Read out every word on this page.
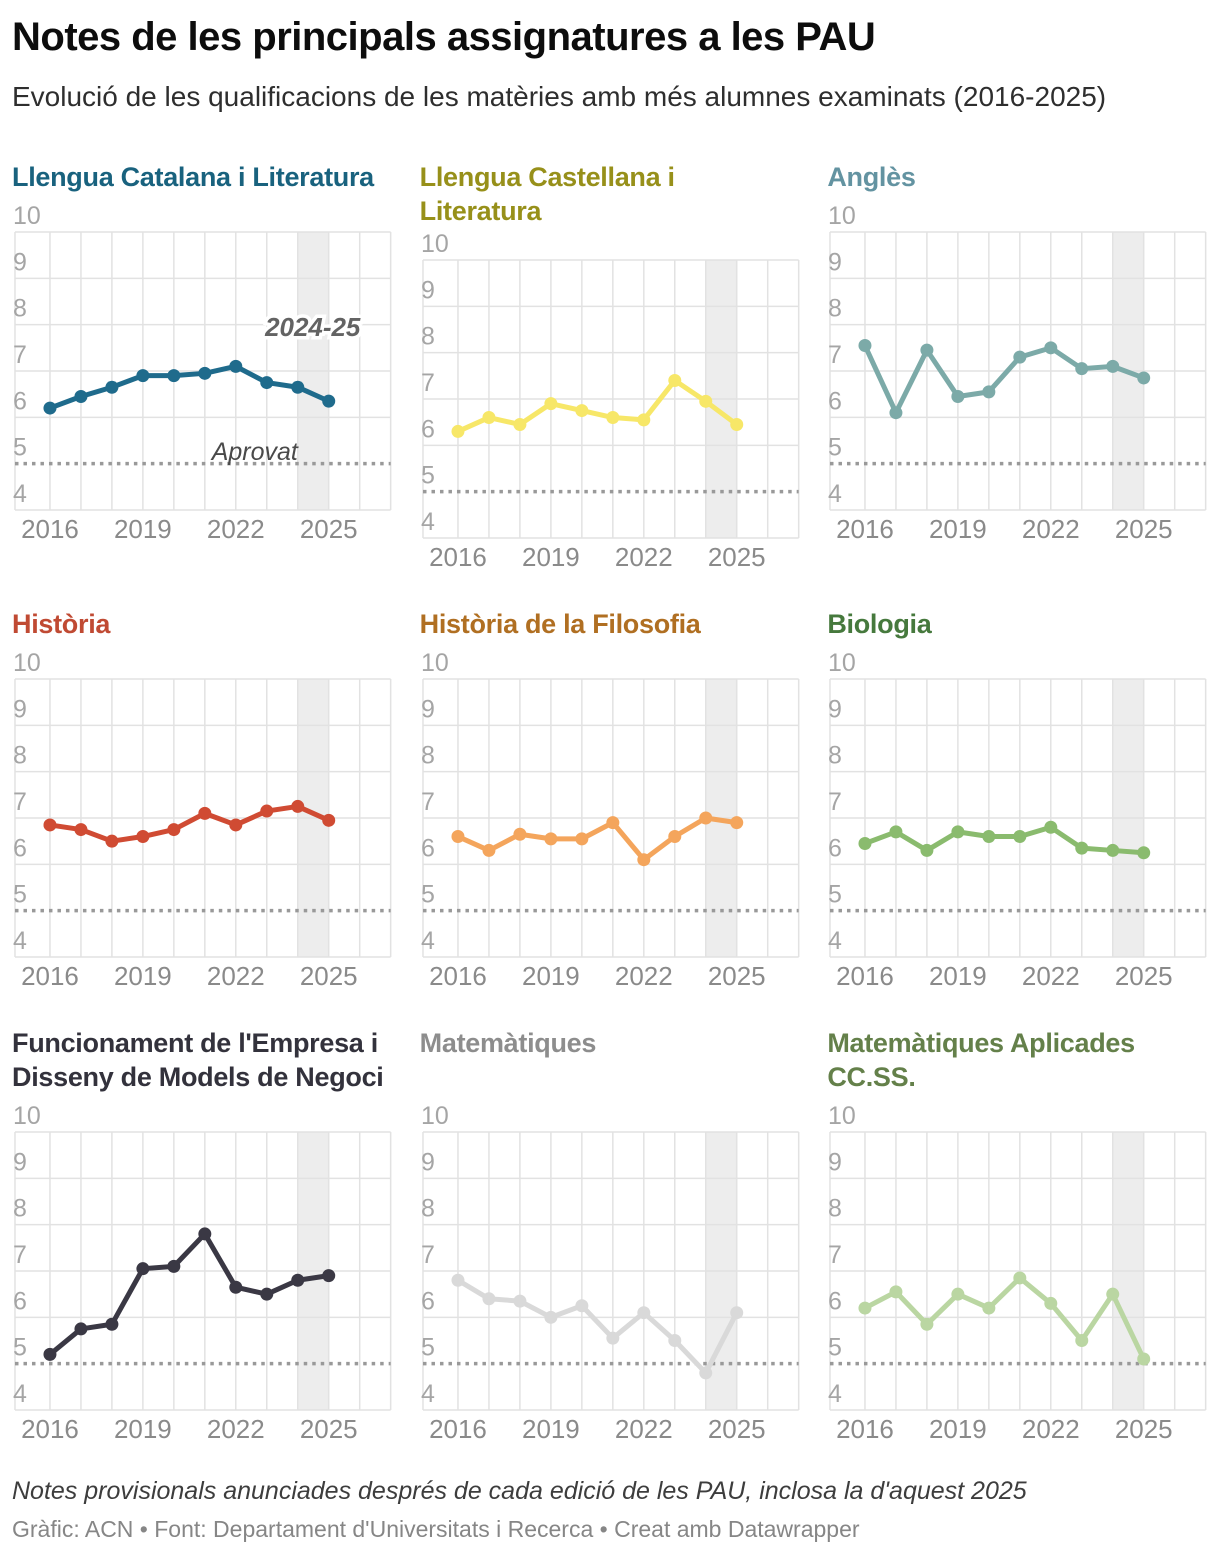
Notes de les principals assignatures a les PAU

Evolució de les qualificacions de les matèries amb més alumnes examinats (2016-2025)

Llengua Catalana i Literatura
10
9
8
7
6
5
4
2016 2019 2022 2025
2024-25
Aprovat
Llengua Castellana i Literatura
10
9
8
7
6
5
4
2016 2019 2022 2025
Anglès
10
9
8
7
6
5
4
2016 2019 2022 2025
Història
10
9
8
7
6
5
4
2016 2019 2022 2025
Història de la Filosofia
10
9
8
7
6
5
4
2016 2019 2022 2025
Biologia
10
9
8
7
6
5
4
2016 2019 2022 2025
Funcionament de l'Empresa i Disseny de Models de Negoci
10
9
8
7
6
5
4
2016 2019 2022 2025
Matemàtiques
10
9
8
7
6
5
4
2016 2019 2022 2025
Matemàtiques Aplicades CC.SS.
10
9
8
7
6
5
4
2016 2019 2022 2025

Notes provisionals anunciades després de cada edició de les PAU, inclosa la d'aquest 2025

Gràfic: ACN • Font: Departament d'Universitats i Recerca • Creat amb Datawrapper
